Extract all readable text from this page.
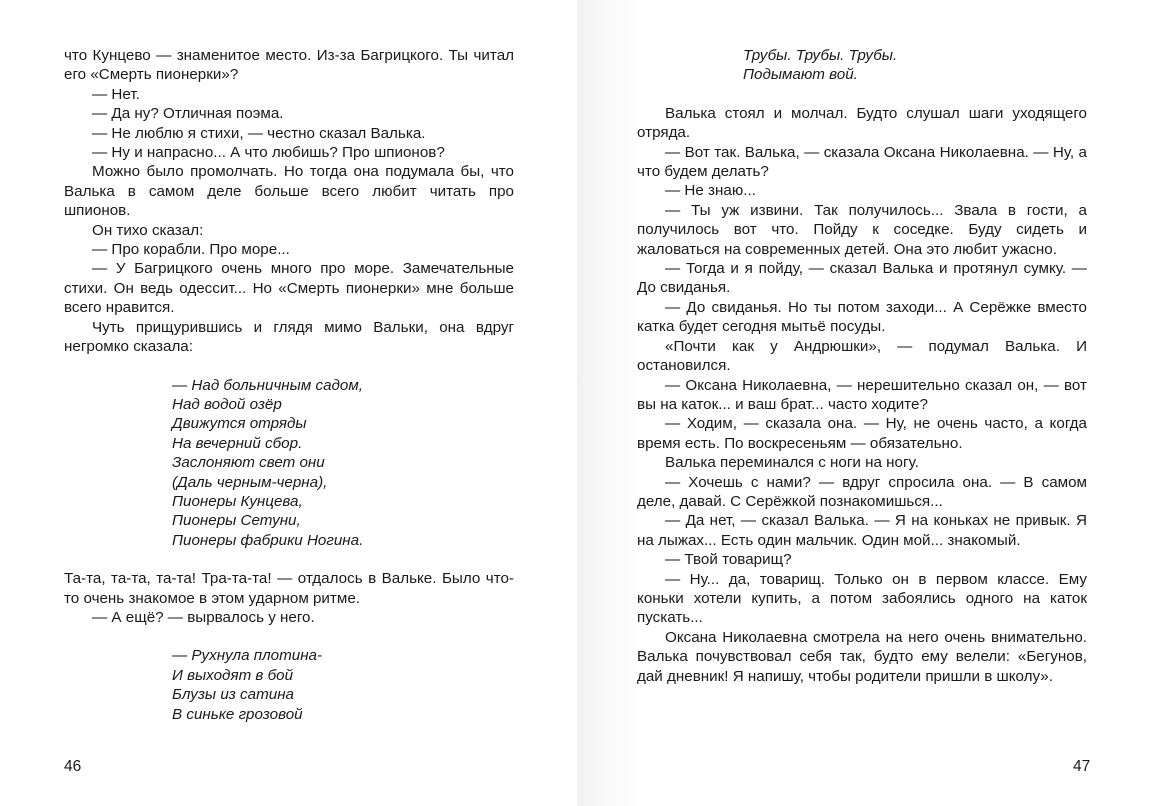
что Кунцево — знаменитое место. Из-за Багрицкого. Ты читал его «Смерть пионерки»?

— Нет.

— Да ну? Отличная поэма.

— Не люблю я стихи, — честно сказал Валька.

— Ну и напрасно... А что любишь? Про шпионов?

Можно было промолчать. Но тогда она подумала бы, что Валька в самом деле больше всего любит читать про шпионов.

Он тихо сказал:

— Про корабли. Про море...

— У Багрицкого очень много про море. Замечательные стихи. Он ведь одессит... Но «Смерть пионерки» мне больше всего нравится.

Чуть прищурившись и глядя мимо Вальки, она вдруг негромко сказала:

— Над больничным садом,
Над водой озёр
Движутся отряды
На вечерний сбор.
Заслоняют свет они
(Даль черным-черна),
Пионеры Кунцева,
Пионеры Сетуни,
Пионеры фабрики Ногина.

Та-та, та-та, та-та! Тра-та-та! — отдалось в Вальке. Было что-то очень знакомое в этом ударном ритме.

— А ещё? — вырвалось у него.

— Рухнула плотина-
И выходят в бой
Блузы из сатина
В синьке грозовой
46
Трубы. Трубы. Трубы.
Подымают вой.

Валька стоял и молчал. Будто слушал шаги уходящего отряда.

— Вот так. Валька, — сказала Оксана Николаевна. — Ну, а что будем делать?

— Не знаю...

— Ты уж извини. Так получилось... Звала в гости, а получилось вот что. Пойду к соседке. Буду сидеть и жаловаться на современных детей. Она это любит ужасно.

— Тогда и я пойду, — сказал Валька и протянул сумку. — До свиданья.

— До свиданья. Но ты потом заходи... А Серёжке вместо катка будет сегодня мытьё посуды.

«Почти как у Андрюшки», — подумал Валька. И остановился.

— Оксана Николаевна, — нерешительно сказал он, — вот вы на каток... и ваш брат... часто ходите?

— Ходим, — сказала она. — Ну, не очень часто, а когда время есть. По воскресеньям — обязательно.

Валька переминался с ноги на ногу.

— Хочешь с нами? — вдруг спросила она. — В самом деле, давай. С Серёжкой познакомишься...

— Да нет, — сказал Валька. — Я на коньках не привык. Я на лыжах... Есть один мальчик. Один мой... знакомый.

— Твой товарищ?

— Ну... да, товарищ. Только он в первом классе. Ему коньки хотели купить, а потом забоялись одного на каток пускать...

Оксана Николаевна смотрела на него очень внимательно. Валька почувствовал себя так, будто ему велели: «Бегунов, дай дневник! Я напишу, чтобы родители пришли в школу».

47
